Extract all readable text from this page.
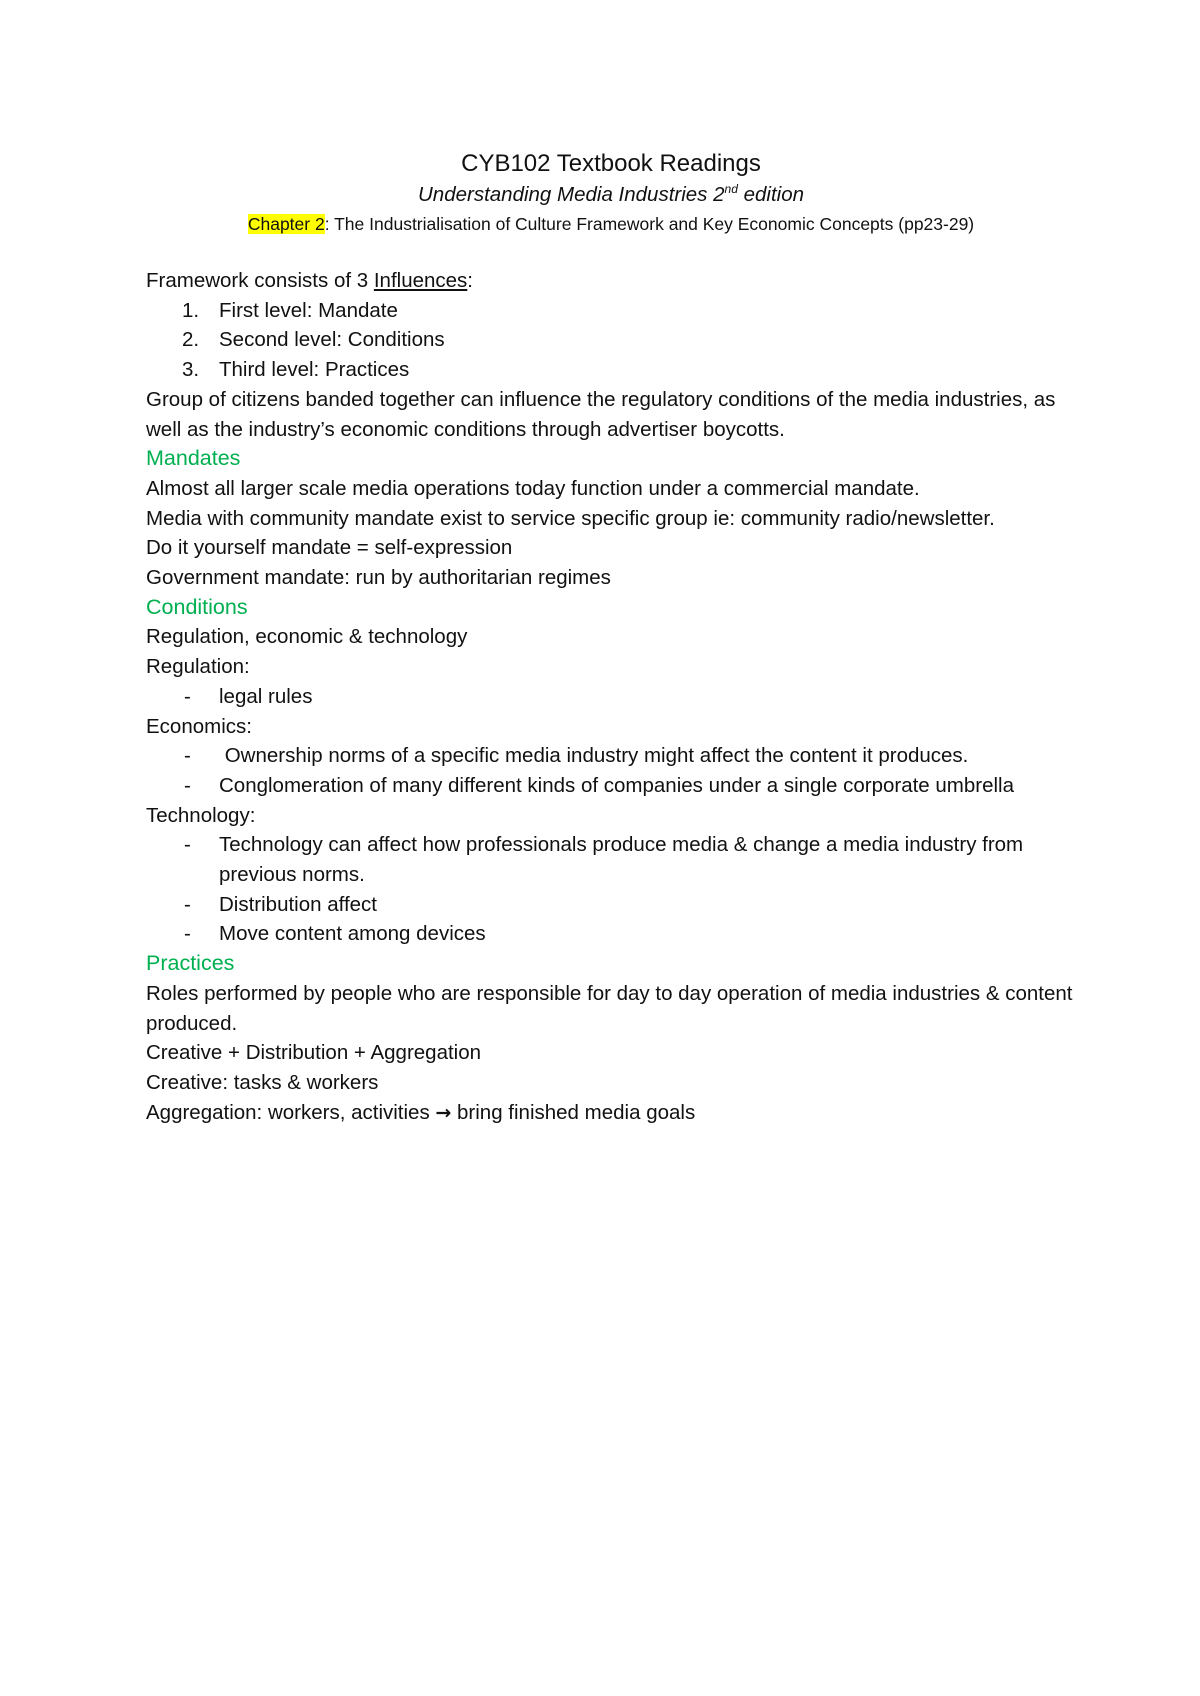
CYB102 Textbook Readings

Understanding Media Industries 2nd edition

Chapter 2: The Industrialisation of Culture Framework and Key Economic Concepts (pp23-29)

Framework consists of 3 Influences:

1. First level: Mandate
2. Second level: Conditions
3. Third level: Practices

Group of citizens banded together can influence the regulatory conditions of the media industries, as well as the industry’s economic conditions through advertiser boycotts.

Mandates

Almost all larger scale media operations today function under a commercial mandate.

Media with community mandate exist to service specific group ie: community radio/newsletter.

Do it yourself mandate = self-expression

Government mandate: run by authoritarian regimes

Conditions

Regulation, economic & technology

Regulation:

- legal rules

Economics:

- Ownership norms of a specific media industry might affect the content it produces.
- Conglomeration of many different kinds of companies under a single corporate umbrella

Technology:

- Technology can affect how professionals produce media & change a media industry from previous norms.
- Distribution affect
- Move content among devices

Practices

Roles performed by people who are responsible for day to day operation of media industries & content produced.

Creative + Distribution + Aggregation

Creative: tasks & workers

Aggregation: workers, activities → bring finished media goals
